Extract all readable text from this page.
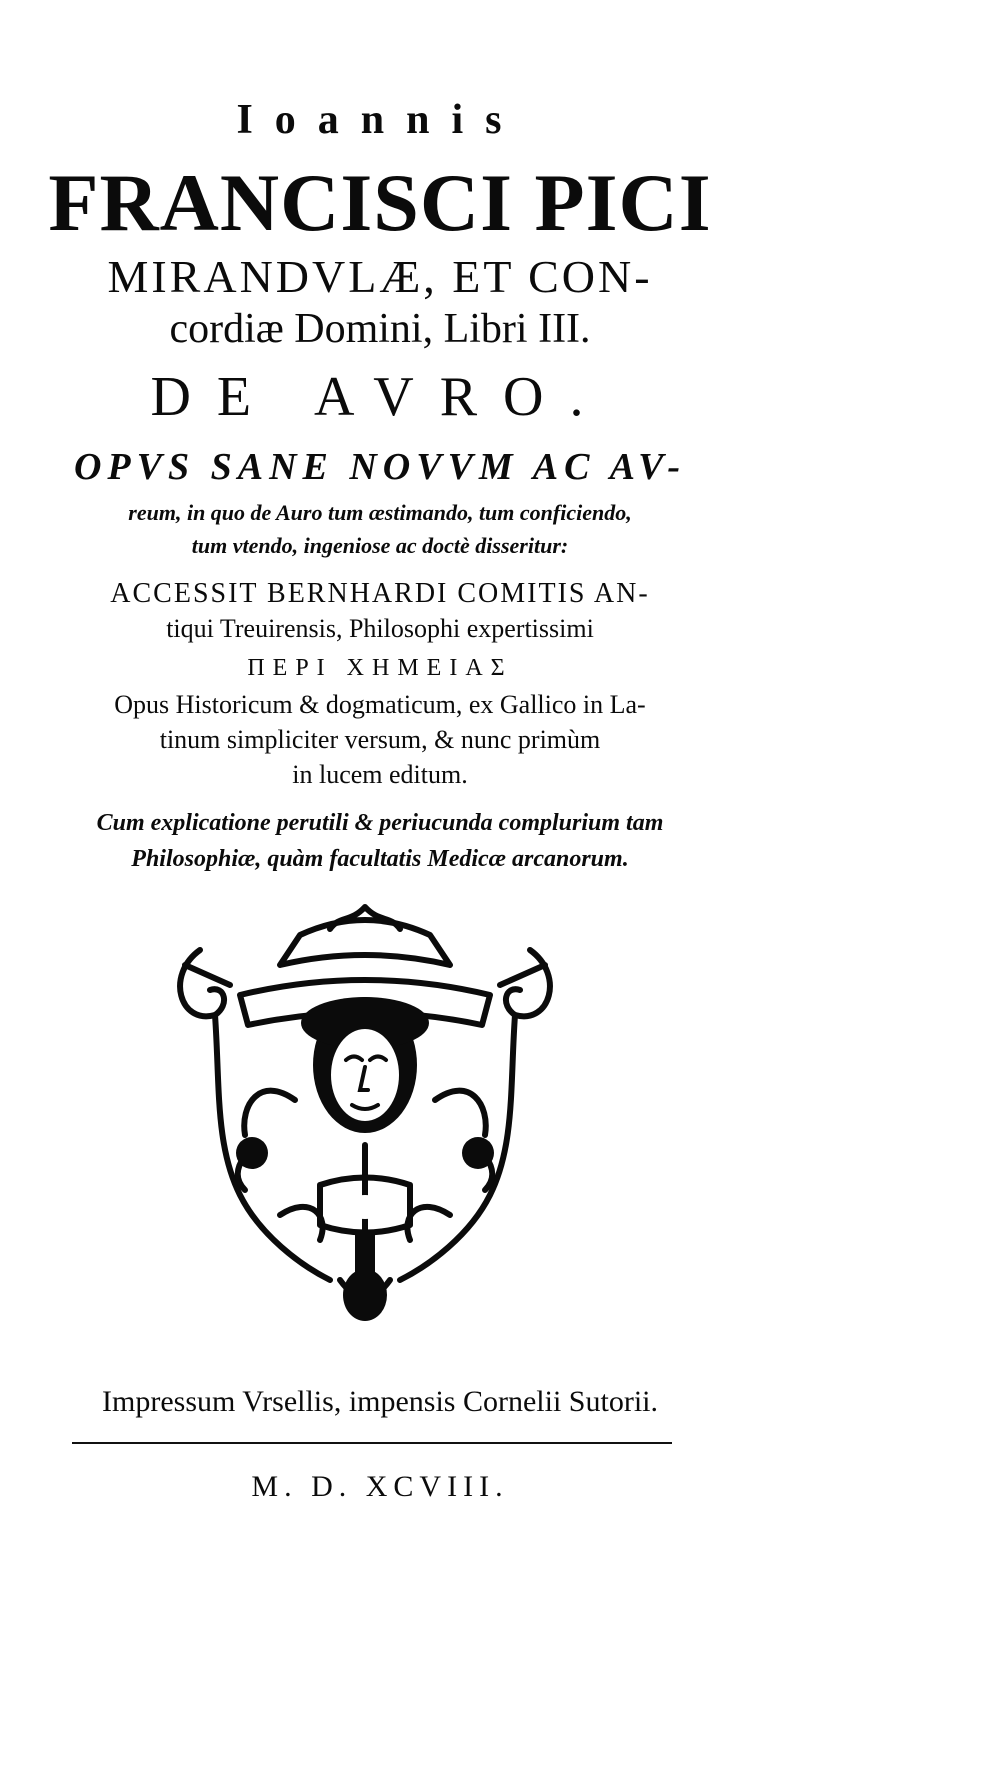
Ioannis
FRANCISCI PICI
MIRANDVLÆ, ET CON-
cordiæ Domini, Libri III.
DE AVRO.
OPVS SANE NOVVM AC AV-
reum, in quo de Auro tum æstimando, tum conficiendo,
tum vtendo, ingeniose ac doctè disseritur:
ACCESSIT BERNHARDI COMITIS AN-
tiqui Treuirensis, Philosophi expertissimi
ΠΕΡΙ ΧΗΜΕΙΑΣ
Opus Historicum & dogmaticum, ex Gallico in La-
tinum simpliciter versum, & nunc primùm
in lucem editum.
Cum explicatione perutili & periucunda complurium tam
Philosophiæ, quàm facultatis Medicæ arcanorum.
Impressum Vrsellis, impensis Cornelii Sutorii.
M. D. XCVIII.
